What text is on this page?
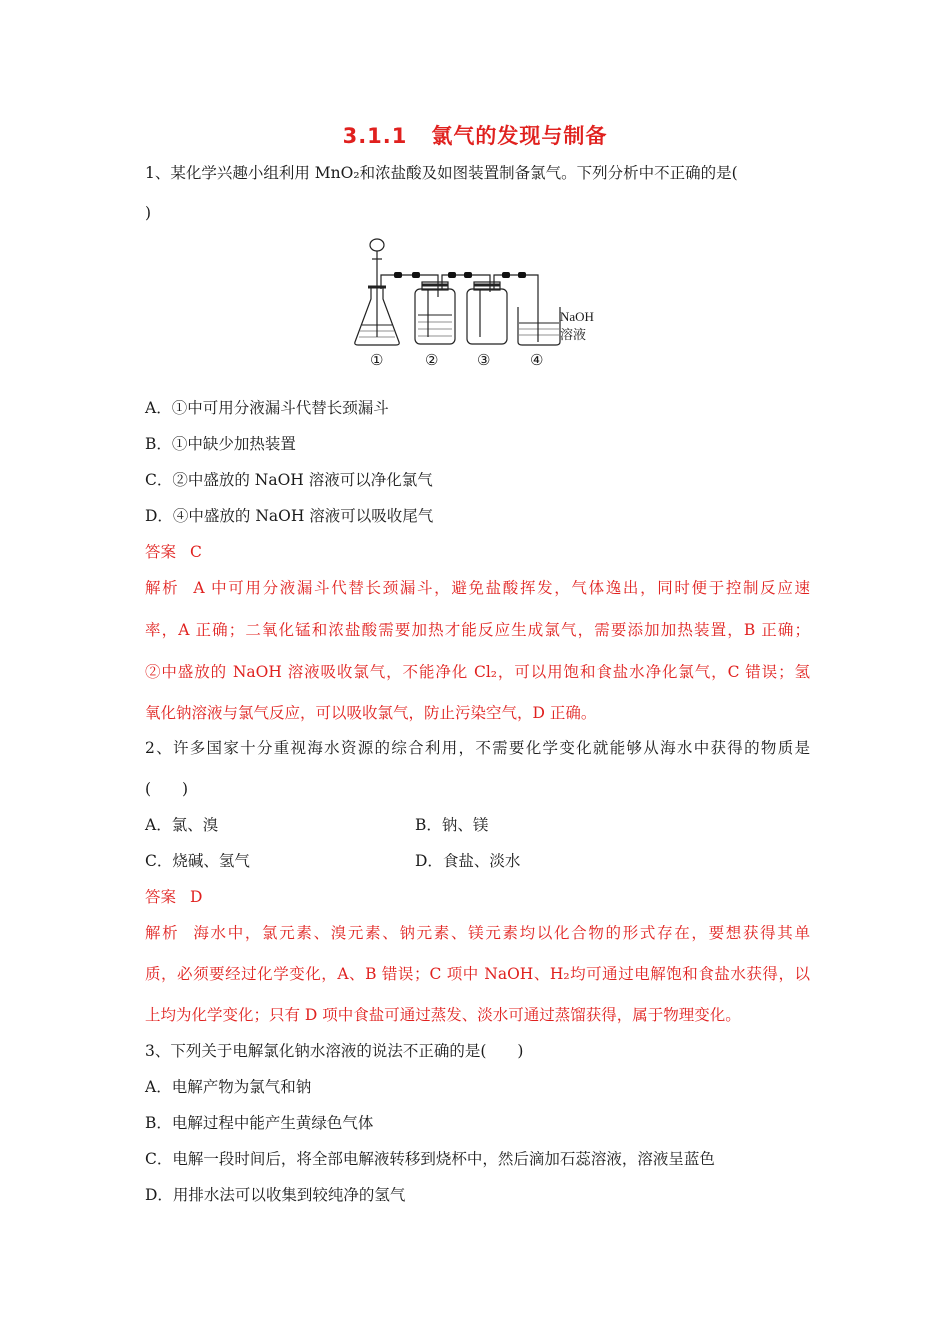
3.1.1 氯气的发现与制备
1、某化学兴趣小组利用 MnO₂和浓盐酸及如图装置制备氯气。下列分析中不正确的是(
)
NaOH
溶液
①	②	③	④
A．①中可用分液漏斗代替长颈漏斗
B．①中缺少加热装置
C．②中盛放的 NaOH 溶液可以净化氯气
D．④中盛放的 NaOH 溶液可以吸收尾气
答案 C
解析 A 中可用分液漏斗代替长颈漏斗，避免盐酸挥发，气体逸出，同时便于控制反应速
率，A 正确；二氧化锰和浓盐酸需要加热才能反应生成氯气，需要添加加热装置，B 正确；
②中盛放的 NaOH 溶液吸收氯气，不能净化 Cl₂，可以用饱和食盐水净化氯气，C 错误；氢
氧化钠溶液与氯气反应，可以吸收氯气，防止污染空气，D 正确。
2、许多国家十分重视海水资源的综合利用，不需要化学变化就能够从海水中获得的物质是
(　　)
A．氯、溴	B．钠、镁
C．烧碱、氢气	D．食盐、淡水
答案 D
解析 海水中，氯元素、溴元素、钠元素、镁元素均以化合物的形式存在，要想获得其单
质，必须要经过化学变化，A、B 错误；C 项中 NaOH、H₂均可通过电解饱和食盐水获得，以
上均为化学变化；只有 D 项中食盐可通过蒸发、淡水可通过蒸馏获得，属于物理变化。
3、下列关于电解氯化钠水溶液的说法不正确的是(　　)
A．电解产物为氯气和钠
B．电解过程中能产生黄绿色气体
C．电解一段时间后，将全部电解液转移到烧杯中，然后滴加石蕊溶液，溶液呈蓝色
D．用排水法可以收集到较纯净的氢气
